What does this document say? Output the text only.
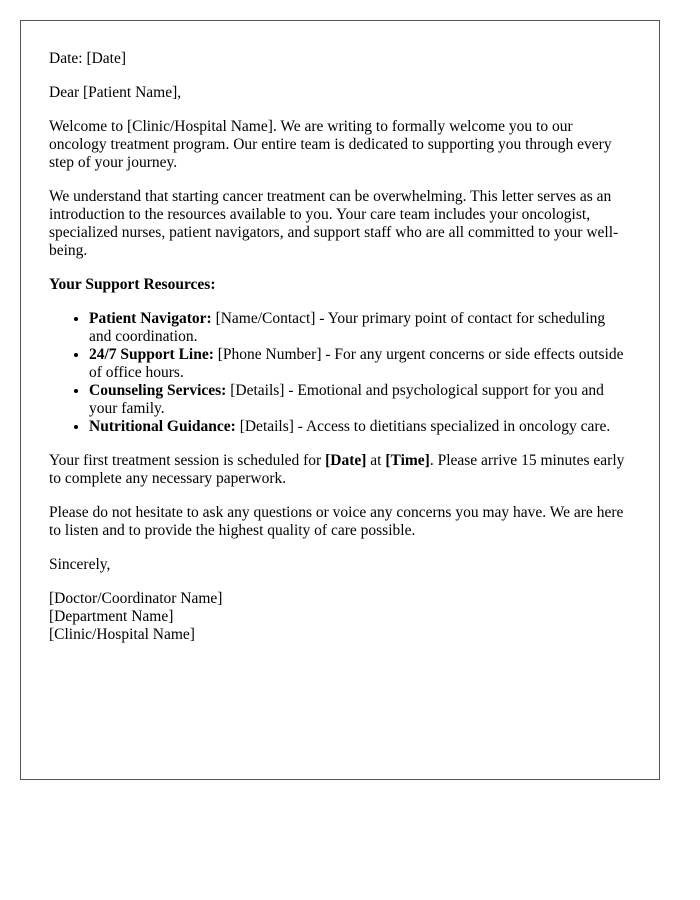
Date: [Date]

Dear [Patient Name],

Welcome to [Clinic/Hospital Name]. We are writing to formally welcome you to our oncology treatment program. Our entire team is dedicated to supporting you through every step of your journey.

We understand that starting cancer treatment can be overwhelming. This letter serves as an introduction to the resources available to you. Your care team includes your oncologist, specialized nurses, patient navigators, and support staff who are all committed to your well-being.

Your Support Resources:

• Patient Navigator: [Name/Contact] - Your primary point of contact for scheduling and coordination.
• 24/7 Support Line: [Phone Number] - For any urgent concerns or side effects outside of office hours.
• Counseling Services: [Details] - Emotional and psychological support for you and your family.
• Nutritional Guidance: [Details] - Access to dietitians specialized in oncology care.

Your first treatment session is scheduled for [Date] at [Time]. Please arrive 15 minutes early to complete any necessary paperwork.

Please do not hesitate to ask any questions or voice any concerns you may have. We are here to listen and to provide the highest quality of care possible.

Sincerely,

[Doctor/Coordinator Name]
[Department Name]
[Clinic/Hospital Name]
